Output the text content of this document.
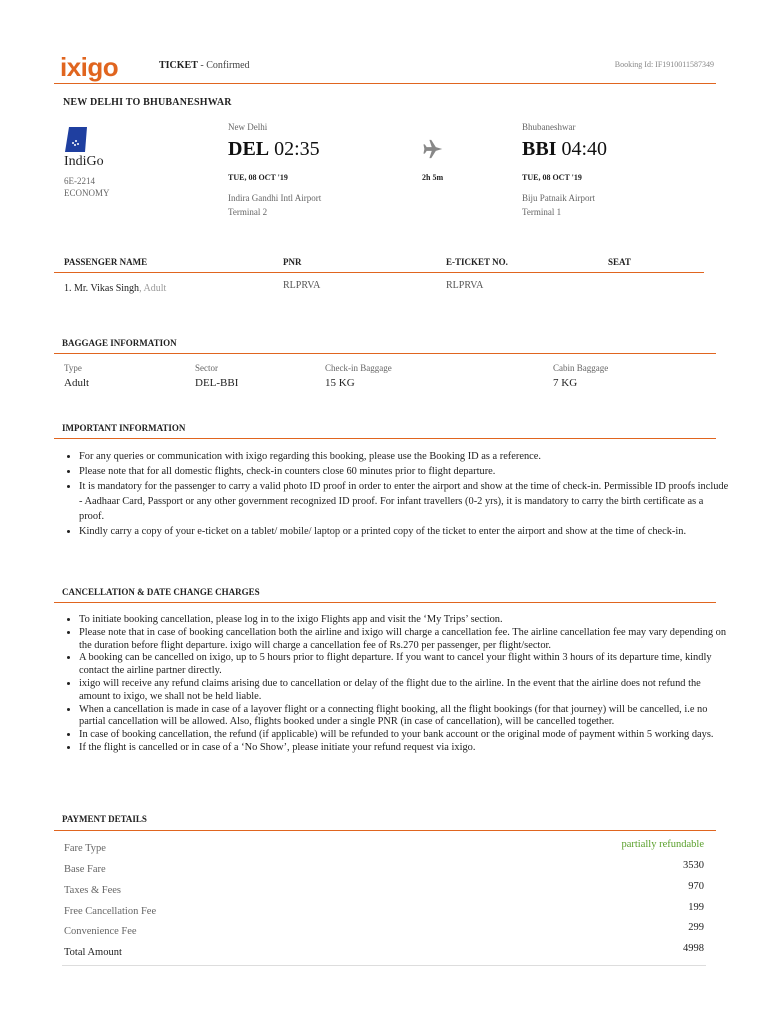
ixigo	TICKET - Confirmed	Booking Id: IF1910011587349
NEW DELHI TO BHUBANESHWAR
IndiGo
6E-2214
ECONOMY
New Delhi
DEL 02:35
TUE, 08 OCT '19
Indira Gandhi Intl Airport
Terminal 2
2h 5m
Bhubaneshwar
BBI 04:40
TUE, 08 OCT '19
Biju Patnaik Airport
Terminal 1
PASSENGER NAME	PNR	E-TICKET NO.	SEAT
1. Mr. Vikas Singh, Adult	RLPRVA	RLPRVA
BAGGAGE INFORMATION
Type	Sector	Check-in Baggage	Cabin Baggage
Adult	DEL-BBI	15 KG	7 KG
IMPORTANT INFORMATION
• For any queries or communication with ixigo regarding this booking, please use the Booking ID as a reference.
• Please note that for all domestic flights, check-in counters close 60 minutes prior to flight departure.
• It is mandatory for the passenger to carry a valid photo ID proof in order to enter the airport and show at the time of check-in. Permissible ID proofs include - Aadhaar Card, Passport or any other government recognized ID proof. For infant travellers (0-2 yrs), it is mandatory to carry the birth certificate as a proof.
• Kindly carry a copy of your e-ticket on a tablet/ mobile/ laptop or a printed copy of the ticket to enter the airport and show at the time of check-in.
CANCELLATION & DATE CHANGE CHARGES
• To initiate booking cancellation, please log in to the ixigo Flights app and visit the ‘My Trips’ section.
• Please note that in case of booking cancellation both the airline and ixigo will charge a cancellation fee. The airline cancellation fee may vary depending on the duration before flight departure. ixigo will charge a cancellation fee of Rs.270 per passenger, per flight/sector.
• A booking can be cancelled on ixigo, up to 5 hours prior to flight departure. If you want to cancel your flight within 3 hours of its departure time, kindly contact the airline partner directly.
• ixigo will receive any refund claims arising due to cancellation or delay of the flight due to the airline. In the event that the airline does not refund the amount to ixigo, we shall not be held liable.
• When a cancellation is made in case of a layover flight or a connecting flight booking, all the flight bookings (for that journey) will be cancelled, i.e no partial cancellation will be allowed. Also, flights booked under a single PNR (in case of cancellation), will be cancelled together.
• In case of booking cancellation, the refund (if applicable) will be refunded to your bank account or the original mode of payment within 5 working days.
• If the flight is cancelled or in case of a ‘No Show’, please initiate your refund request via ixigo.
PAYMENT DETAILS
Fare Type	partially refundable
Base Fare	3530
Taxes & Fees	970
Free Cancellation Fee	199
Convenience Fee	299
Total Amount	4998
